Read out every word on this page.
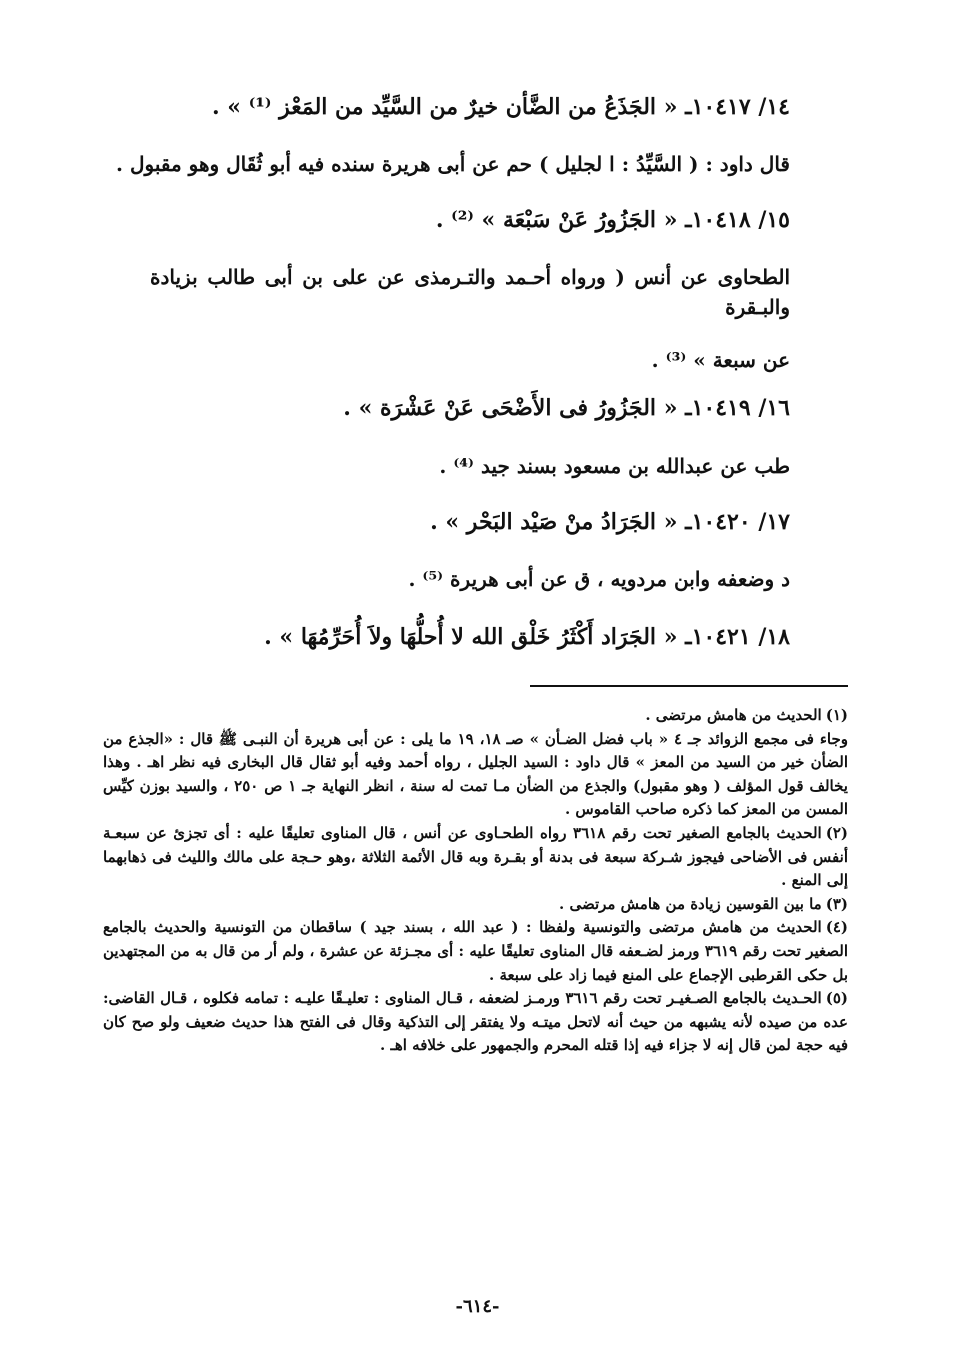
١٤/ ١٠٤١٧ـ « الجَذَعُ من الضَّأن خيرٌ من السَّيِّد من المَعْز ⁽¹⁾ » .
قال داود : ( السَّيِّدُ : ا لجليل ) حم عن أبى هريرة سنده فيه أبو ثُقَال وهو مقبول .
١٥/ ١٠٤١٨ـ « الجَزُورُ عَنْ سَبْعَة » ⁽²⁾ .
الطحاوى عن أنس ( ورواه أحـمد والتـرمذى عن على بن أبى طالب بزيادة والبـقرة
عن سبعة » ⁽³⁾ .
١٦/ ١٠٤١٩ـ « الجَزُورُ فى الأَضْحَى عَنْ عَشْرَة » .
طب عن عبدالله بن مسعود بسند جيد ⁽⁴⁾ .
١٧/ ١٠٤٢٠ـ « الجَرَادُ منْ صَيْد البَحْر » .
د وضعفه وابن مردويه ، ق عن أبى هريرة ⁽⁵⁾ .
١٨/ ١٠٤٢١ـ « الجَرَاد أَكْثَرُ خَلْق الله لا أُحلُّهَا ولاَ أُحَرِّمُهَا » .

(١)الحديث من هامش مرتضى .

وجاء فى مجمع الزوائد جـ ٤ « باب فضل الضـأن » صـ ١٨، ١٩ ما يلى : عن أبى هريرة أن النبـى ﷺ قال : «الجذع من الضأن خير من السيد من المعز » قال داود : السيد الجليل ، رواه أحمد وفيه أبو ثقال قال البخارى فيه نظر اهـ . وهذا يخالف قول المؤلف ( وهو مقبول) والجذع من الضأن مـا تمت له سنة ، انظر النهاية جـ ١ ص ٢٥٠ ، والسيد بوزن كيِّس المسن من المعز كما ذكره صاحب القاموس .

(٢)الحديث بالجامع الصغير تحت رقم ٣٦١٨ رواه الطحـاوى عن أنس ، قال المناوى تعليقًا عليه : أى تجزئ عن سبعـة أنفس فى الأضاحى فيجوز شـركة سبعة فى بدنة أو بقـرة وبه قال الأئمة الثلاثة ،وهو حـجة على مالك والليث فى ذهابهما إلى المنع .

(٣)ما بين القوسين زيادة من هامش مرتضى .

(٤)الحديث من هامش مرتضى والتونسية ولفظا : ( عبد الله ، بسند جيد ) ساقطان من التونسية والحديث بالجامع الصغير تحت رقم ٣٦١٩ ورمز لضـعفه قال المناوى تعليقًا عليه : أى مجـزئة عن عشرة ، ولم أر من قال به من المجتهدين بل حكى القرطبى الإجماع على المنع فيما زاد على سبعة .

(٥)الحـديث بالجامع الصـغيـر تحت رقم ٣٦١٦ ورمـز لضعفه ، قـال المناوى : تعليـقًا عليـه : تمامه فكلوه ، قـال القاضى: عده من صيده لأنه يشبهه من حيث أنه لاتحل ميتـه ولا يفتقر إلى التذكية وقال فى الفتح هذا حديث ضعيف ولو صح كان فيه حجة لمن قال إنه لا جزاء فيه إذا قتله المحرم والجمهور على خلافه اهـ .

-٦١٤-
